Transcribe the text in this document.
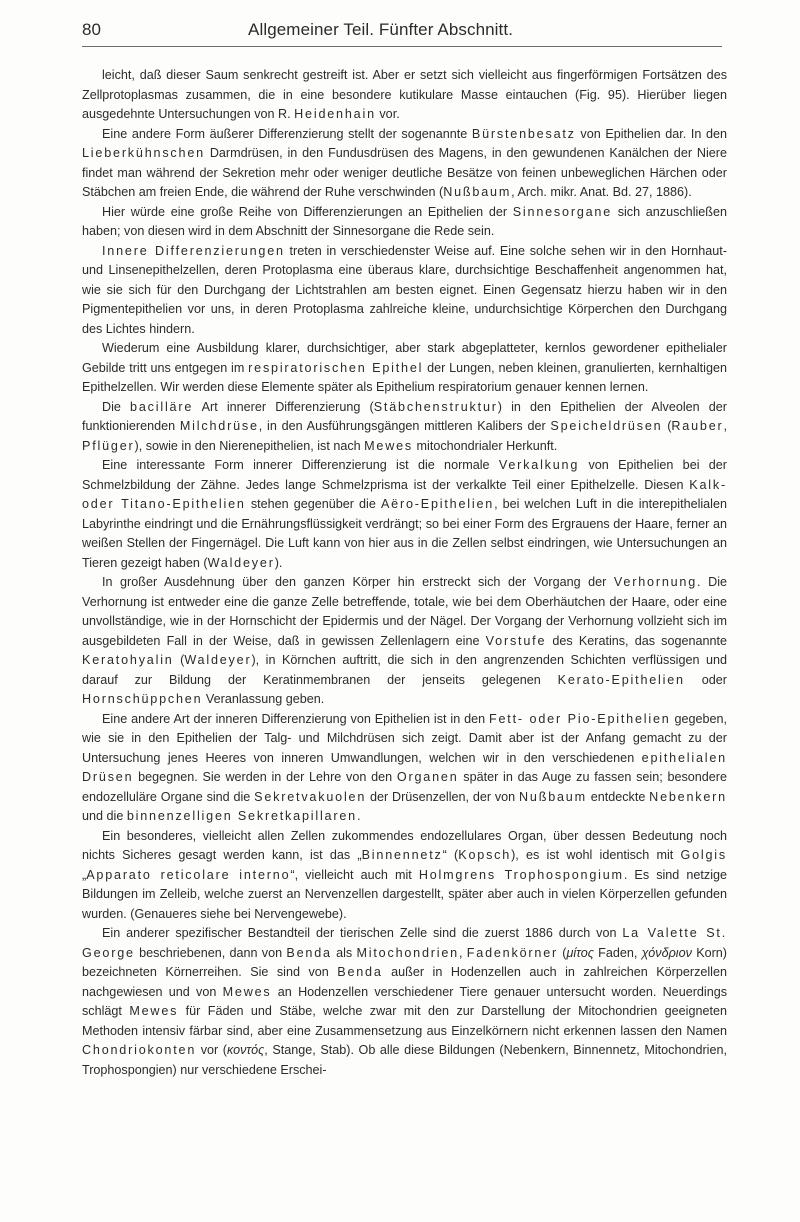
80	Allgemeiner Teil. Fünfter Abschnitt.

leicht, daß dieser Saum senkrecht gestreift ist. Aber er setzt sich vielleicht aus fingerförmigen Fortsätzen des Zellprotoplasmas zusammen, die in eine besondere kutikulare Masse eintauchen (Fig. 95). Hierüber liegen ausgedehnte Untersuchungen von R. Heidenhain vor.

Eine andere Form äußerer Differenzierung stellt der sogenannte Bürstenbesatz von Epithelien dar. In den Lieberkühnschen Darmdrüsen, in den Fundusdrüsen des Magens, in den gewundenen Kanälchen der Niere findet man während der Sekretion mehr oder weniger deutliche Besätze von feinen unbeweglichen Härchen oder Stäbchen am freien Ende, die während der Ruhe verschwinden (Nußbaum, Arch. mikr. Anat. Bd. 27, 1886).

Hier würde eine große Reihe von Differenzierungen an Epithelien der Sinnesorgane sich anzuschließen haben; von diesen wird in dem Abschnitt der Sinnesorgane die Rede sein.

Innere Differenzierungen treten in verschiedenster Weise auf. Eine solche sehen wir in den Hornhaut- und Linsenepithelzellen, deren Protoplasma eine überaus klare, durchsichtige Beschaffenheit angenommen hat, wie sie sich für den Durchgang der Lichtstrahlen am besten eignet. Einen Gegensatz hierzu haben wir in den Pigmentepithelien vor uns, in deren Protoplasma zahlreiche kleine, undurchsichtige Körperchen den Durchgang des Lichtes hindern.

Wiederum eine Ausbildung klarer, durchsichtiger, aber stark abgeplatteter, kernlos gewordener epithelialer Gebilde tritt uns entgegen im respiratorischen Epithel der Lungen, neben kleinen, granulierten, kernhaltigen Epithelzellen. Wir werden diese Elemente später als Epithelium respiratorium genauer kennen lernen.

Die bacilläre Art innerer Differenzierung (Stäbchenstruktur) in den Epithelien der Alveolen der funktionierenden Milchdrüse, in den Ausführungsgängen mittleren Kalibers der Speicheldrüsen (Rauber, Pflüger), sowie in den Nierenepithelien, ist nach Mewes mitochondrialer Herkunft.

Eine interessante Form innerer Differenzierung ist die normale Verkalkung von Epithelien bei der Schmelzbildung der Zähne. Jedes lange Schmelzprisma ist der verkalkte Teil einer Epithelzelle. Diesen Kalk- oder Titano-Epithelien stehen gegenüber die Aëro-Epithelien, bei welchen Luft in die interepithelialen Labyrinthe eindringt und die Ernährungsflüssigkeit verdrängt; so bei einer Form des Ergrauens der Haare, ferner an weißen Stellen der Fingernägel. Die Luft kann von hier aus in die Zellen selbst eindringen, wie Untersuchungen an Tieren gezeigt haben (Waldeyer).

In großer Ausdehnung über den ganzen Körper hin erstreckt sich der Vorgang der Verhornung. Die Verhornung ist entweder eine die ganze Zelle betreffende, totale, wie bei dem Oberhäutchen der Haare, oder eine unvollständige, wie in der Hornschicht der Epidermis und der Nägel. Der Vorgang der Verhornung vollzieht sich im ausgebildeten Fall in der Weise, daß in gewissen Zellenlagern eine Vorstufe des Keratins, das sogenannte Keratohyalin (Waldeyer), in Körnchen auftritt, die sich in den angrenzenden Schichten verflüssigen und darauf zur Bildung der Keratinmembranen der jenseits gelegenen Kerato-Epithelien oder Hornschüppchen Veranlassung geben.

Eine andere Art der inneren Differenzierung von Epithelien ist in den Fett- oder Pio-Epithelien gegeben, wie sie in den Epithelien der Talg- und Milchdrüsen sich zeigt. Damit aber ist der Anfang gemacht zu der Untersuchung jenes Heeres von inneren Umwandlungen, welchen wir in den verschiedenen epithelialen Drüsen begegnen. Sie werden in der Lehre von den Organen später in das Auge zu fassen sein; besondere endozelluläre Organe sind die Sekretvakuolen der Drüsenzellen, der von Nußbaum entdeckte Nebenkern und die binnenzelligen Sekretkapillaren.

Ein besonderes, vielleicht allen Zellen zukommendes endozellulares Organ, über dessen Bedeutung noch nichts Sicheres gesagt werden kann, ist das „Binnennetz“ (Kopsch), es ist wohl identisch mit Golgis „Apparato reticolare interno“, vielleicht auch mit Holmgrens Trophospongium. Es sind netzige Bildungen im Zelleib, welche zuerst an Nervenzellen dargestellt, später aber auch in vielen Körperzellen gefunden wurden. (Genaueres siehe bei Nervengewebe).

Ein anderer spezifischer Bestandteil der tierischen Zelle sind die zuerst 1886 durch von La Valette St. George beschriebenen, dann von Benda als Mitochondrien, Fadenkörner (μίτος Faden, χόνδριον Korn) bezeichneten Körnerreihen. Sie sind von Benda außer in Hodenzellen auch in zahlreichen Körperzellen nachgewiesen und von Mewes an Hodenzellen verschiedener Tiere genauer untersucht worden. Neuerdings schlägt Mewes für Fäden und Stäbe, welche zwar mit den zur Darstellung der Mitochondrien geeigneten Methoden intensiv färbar sind, aber eine Zusammensetzung aus Einzelkörnern nicht erkennen lassen den Namen Chondriokonten vor (κοντός, Stange, Stab). Ob alle diese Bildungen (Nebenkern, Binnennetz, Mitochondrien, Trophospongien) nur verschiedene Erschei-
